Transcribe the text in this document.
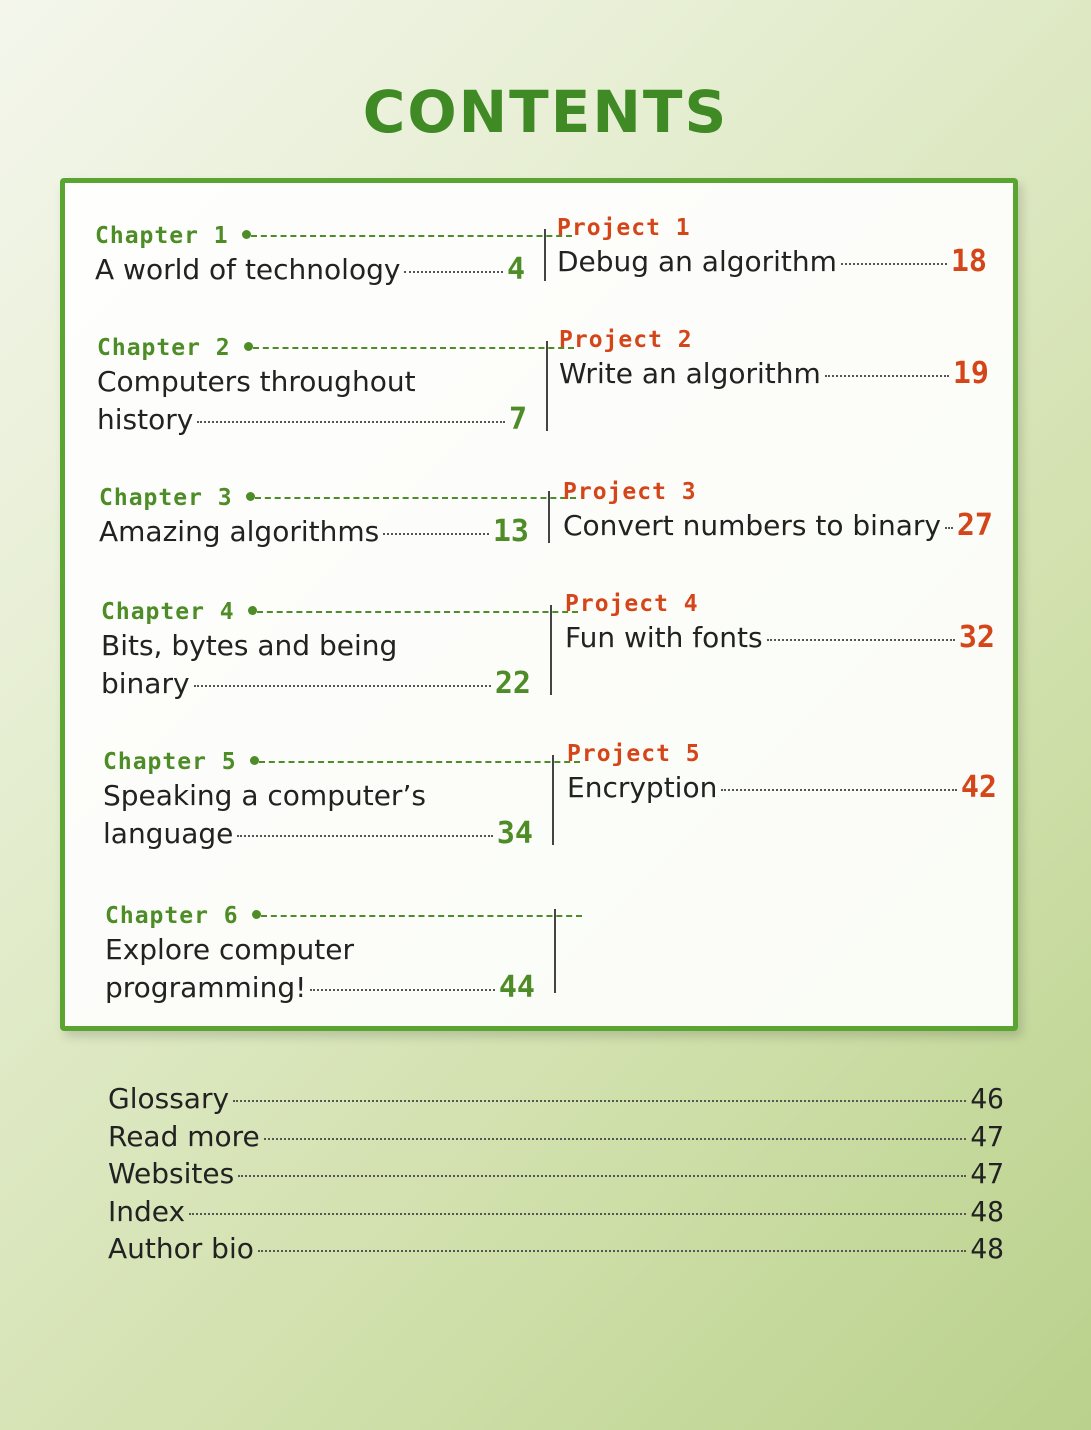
CONTENTS
Chapter 1
A world of technology	4
Project 1
Debug an algorithm	18
Chapter 2
Computers throughout
history	7
Project 2
Write an algorithm	19
Chapter 3
Amazing algorithms	13
Project 3
Convert numbers to binary 27
Chapter 4
Bits, bytes and being
binary	22
Project 4
Fun with fonts	32
Chapter 5
Speaking a computer’s
language	34
Project 5
Encryption	42
Chapter 6
Explore computer
programming!	44
Glossary	46
Read more	47
Websites	47
Index	48
Author bio	48
